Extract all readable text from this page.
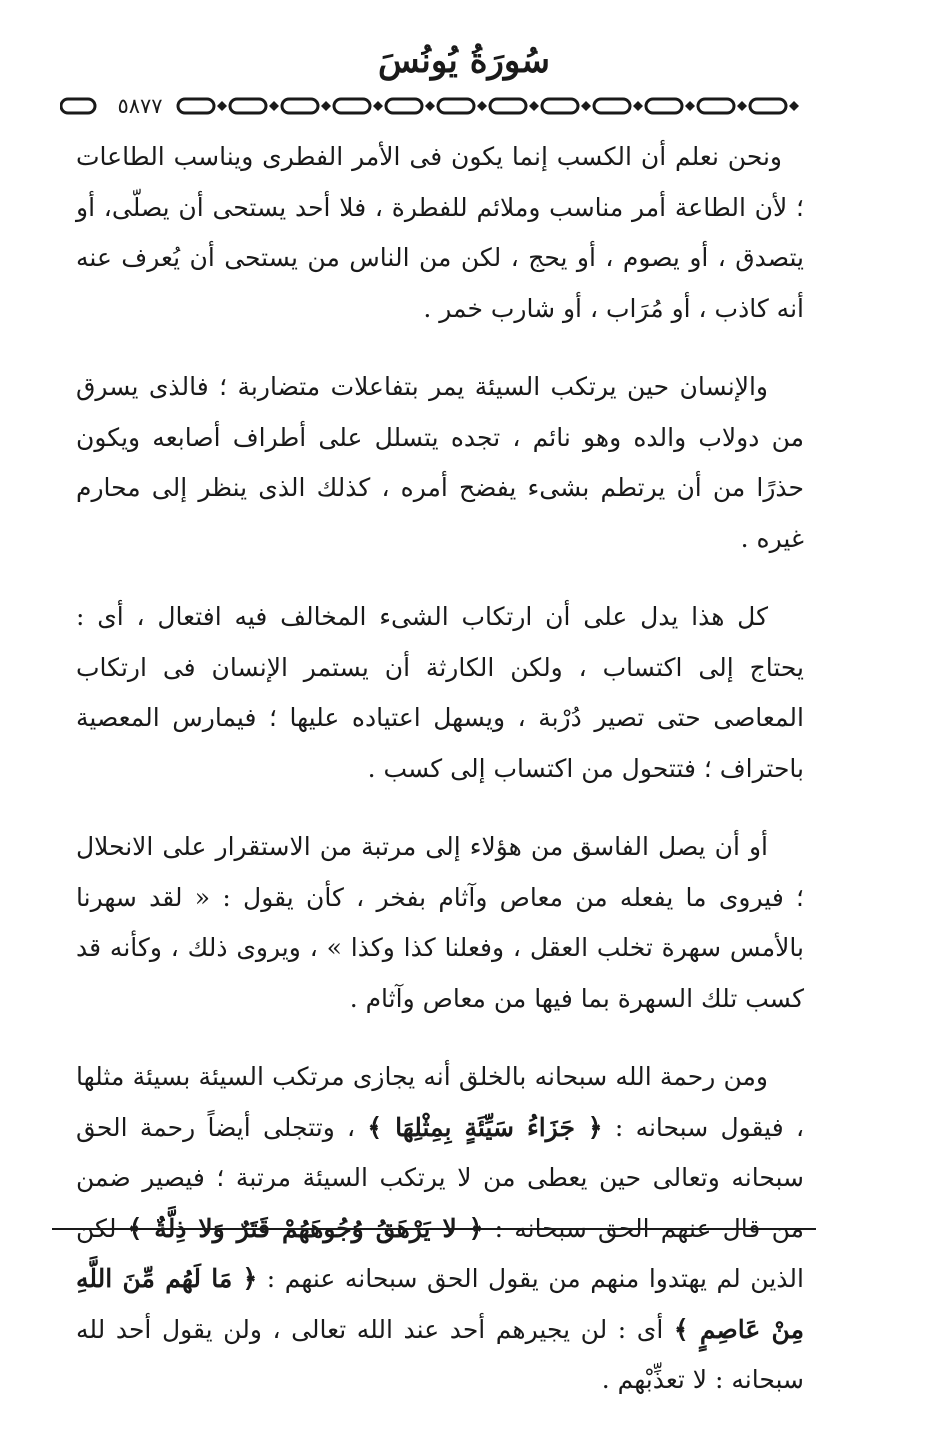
سُورَةُ يُونُسَ
٥٨٧٧

ونحن نعلم أن الكسب إنما يكون فى الأمر الفطرى ويناسب الطاعات ؛ لأن الطاعة أمر مناسب وملائم للفطرة ، فلا أحد يستحى أن يصلّى، أو يتصدق ، أو يصوم ، أو يحج ، لكن من الناس من يستحى أن يُعرف عنه أنه كاذب ، أو مُرَاب ، أو شارب خمر .

والإنسان حين يرتكب السيئة يمر بتفاعلات متضاربة ؛ فالذى يسرق من دولاب والده وهو نائم ، تجده يتسلل على أطراف أصابعه ويكون حذرًا من أن يرتطم بشىء يفضح أمره ، كذلك الذى ينظر إلى محارم غيره .

كل هذا يدل على أن ارتكاب الشىء المخالف فيه افتعال ، أى : يحتاج إلى اكتساب ، ولكن الكارثة أن يستمر الإنسان فى ارتكاب المعاصى حتى تصير دُرْبة ، ويسهل اعتياده عليها ؛ فيمارس المعصية باحتراف ؛ فتتحول من اكتساب إلى كسب .

أو أن يصل الفاسق من هؤلاء إلى مرتبة من الاستقرار على الانحلال ؛ فيروى ما يفعله من معاص وآثام بفخر ، كأن يقول : « لقد سهرنا بالأمس سهرة تخلب العقل ، وفعلنا كذا وكذا » ، ويروى ذلك ، وكأنه قد كسب تلك السهرة بما فيها من معاص وآثام .

ومن رحمة الله سبحانه بالخلق أنه يجازى مرتكب السيئة بسيئة مثلها ، فيقول سبحانه : ﴿ جَزَاءُ سَيِّئَةٍ بِمِثْلِهَا ﴾ ، وتتجلى أيضاً رحمة الحق سبحانه وتعالى حين يعطى من لا يرتكب السيئة مرتبة ؛ فيصير ضمن من قال عنهم الحق سبحانه : ﴿ لا يَرْهَقُ وُجُوهَهُمْ قَتَرٌ وَلا ذِلَّةٌ ﴾ لكن الذين لم يهتدوا منهم من يقول الحق سبحانه عنهم : ﴿ مَا لَهُم مِّنَ اللَّهِ مِنْ عَاصِمٍ ﴾ أى : لن يجيرهم أحد عند الله تعالى ، ولن يقول أحد لله سبحانه : لا تعذِّبْهم .
